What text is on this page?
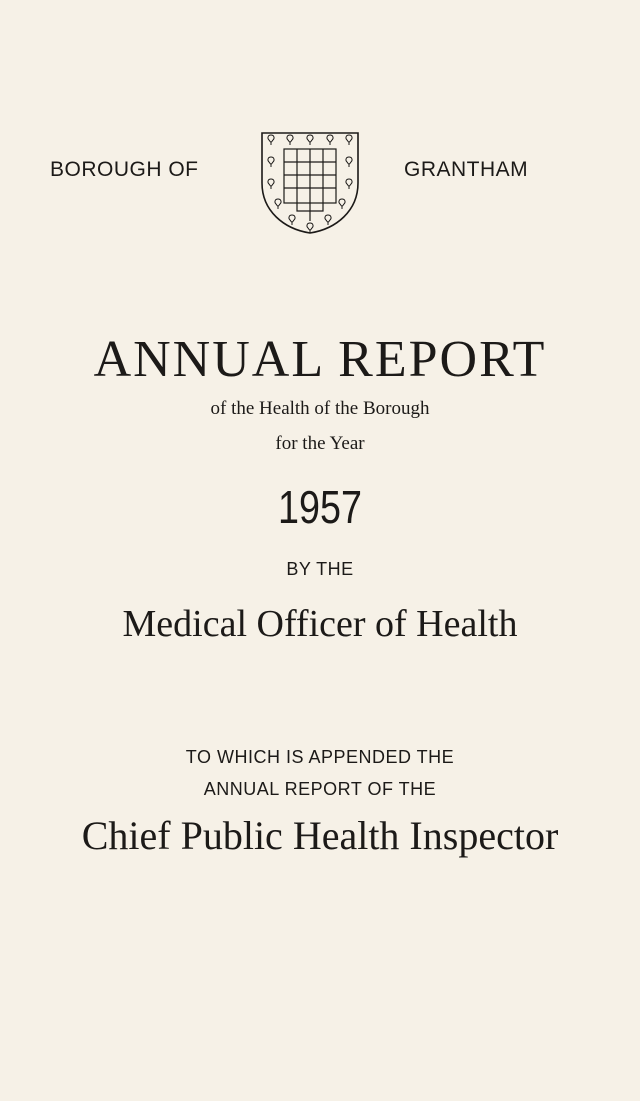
BOROUGH OF	GRANTHAM
ANNUAL REPORT
of the Health of the Borough
for the Year
1957
BY THE
Medical Officer of Health
TO WHICH IS APPENDED THE
ANNUAL REPORT OF THE
Chief Public Health Inspector
